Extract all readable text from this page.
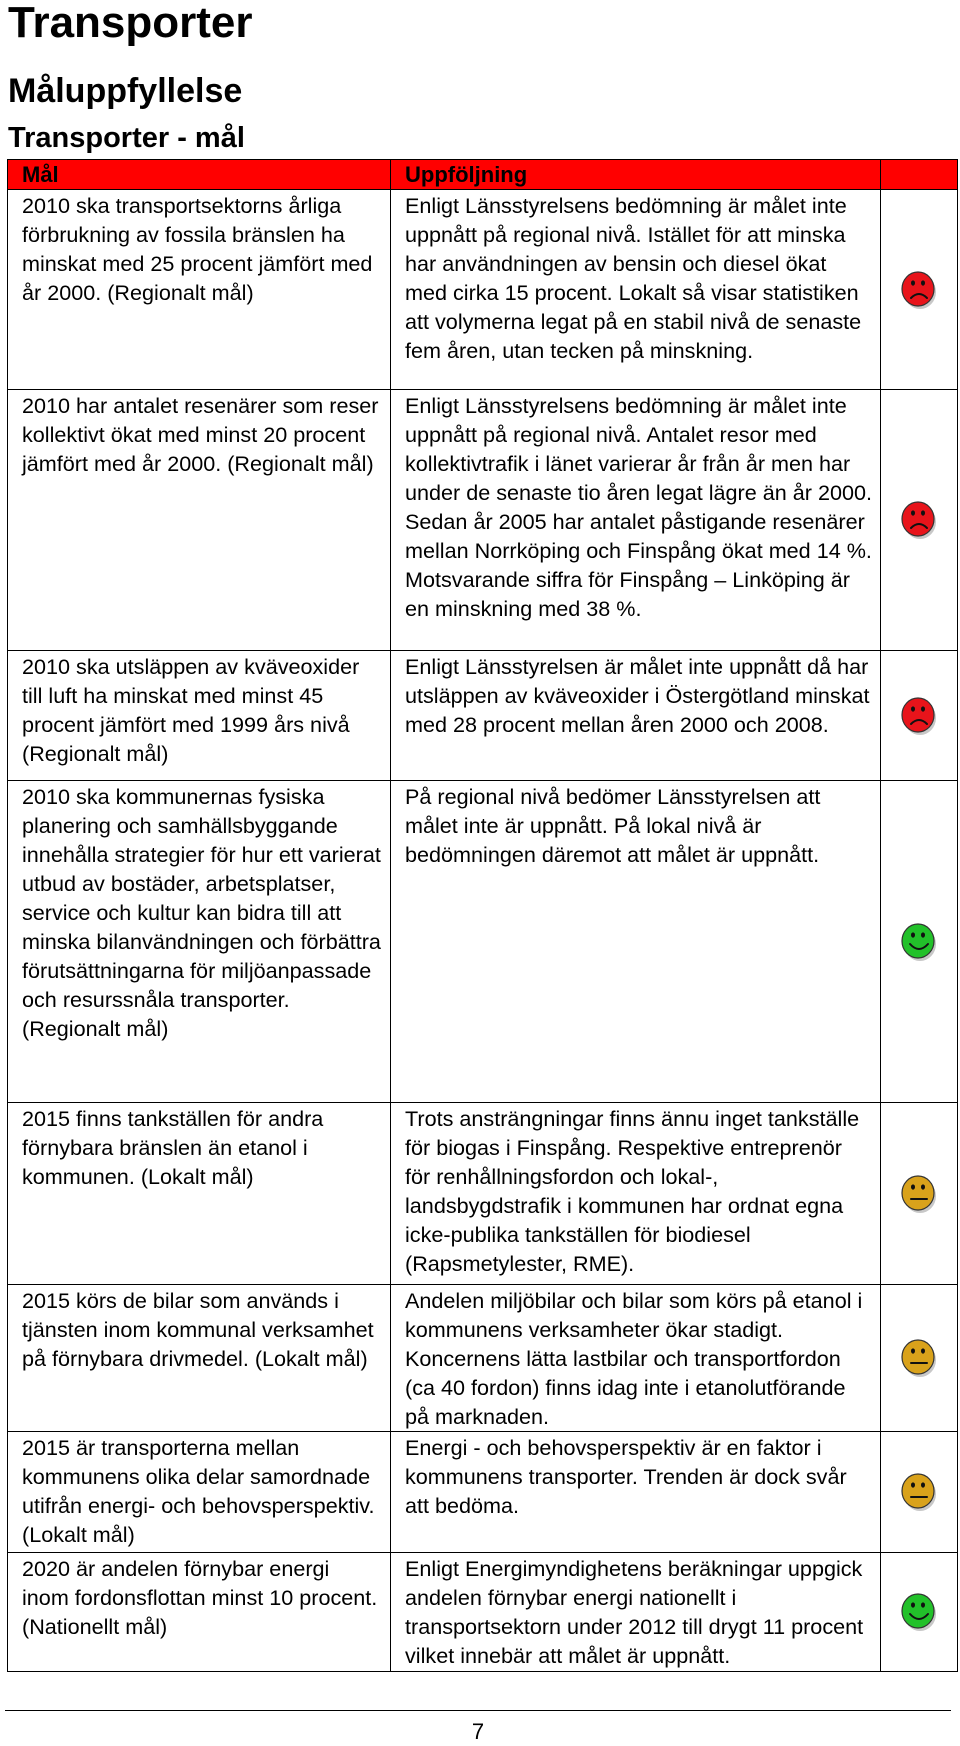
Transporter
Måluppfyllelse
Transporter - mål
Mål	Uppföljning	
2010 ska transportsektorns årliga förbrukning av fossila bränslen ha minskat med 25 procent jämfört med år 2000. (Regionalt mål)	Enligt Länsstyrelsens bedömning är målet inte uppnått på regional nivå. Istället för att minska har användningen av bensin och diesel ökat med cirka 15 procent. Lokalt så visar statistiken att volymerna legat på en stabil nivå de senaste fem åren, utan tecken på minskning.	

2010 har antalet resenärer som reser kollektivt ökat med minst 20 procent jämfört med år 2000. (Regionalt mål)	Enligt Länsstyrelsens bedömning är målet inte uppnått på regional nivå. Antalet resor med kollektivtrafik i länet varierar år från år men har under de senaste tio åren legat lägre än år 2000. Sedan år 2005 har antalet påstigande resenärer mellan Norrköping och Finspång ökat med 14 %. Motsvarande siffra för Finspång – Linköping är en minskning med 38 %.	

2010 ska utsläppen av kväveoxider till luft ha minskat med minst 45 procent jämfört med 1999 års nivå (Regionalt mål)	Enligt Länsstyrelsen är målet inte uppnått då har utsläppen av kväveoxider i Östergötland minskat med 28 procent mellan åren 2000 och 2008.	

2010 ska kommunernas fysiska planering och samhällsbyggande innehålla strategier för hur ett varierat utbud av bostäder, arbetsplatser, service och kultur kan bidra till att minska bilanvändningen och förbättra förutsättningarna för miljöanpassade och resurssnåla transporter. (Regionalt mål)	På regional nivå bedömer Länsstyrelsen att målet inte är uppnått. På lokal nivå är bedömningen däremot att målet är uppnått.	

2015 finns tankställen för andra förnybara bränslen än etanol i kommunen. (Lokalt mål)	Trots ansträngningar finns ännu inget tankställe för biogas i Finspång. Respektive entreprenör för renhållningsfordon och lokal-, landsbygdstrafik i kommunen har ordnat egna icke-publika tankställen för biodiesel (Rapsmetylester, RME).	

2015 körs de bilar som används i tjänsten inom kommunal verksamhet på förnybara drivmedel. (Lokalt mål)	Andelen miljöbilar och bilar som körs på etanol i kommunens verksamheter ökar stadigt. Koncernens lätta lastbilar och transportfordon (ca 40 fordon) finns idag inte i etanolutförande på marknaden.	

2015 är transporterna mellan kommunens olika delar samordnade utifrån energi- och behovsperspektiv. (Lokalt mål)	Energi - och behovsperspektiv är en faktor i kommunens transporter. Trenden är dock svår att bedöma.	

2020 är andelen förnybar energi inom fordonsflottan minst 10 procent. (Nationellt mål)	Enligt Energimyndighetens beräkningar uppgick andelen förnybar energi nationellt i transportsektorn under 2012 till drygt 11 procent vilket innebär att målet är uppnått.	
7
